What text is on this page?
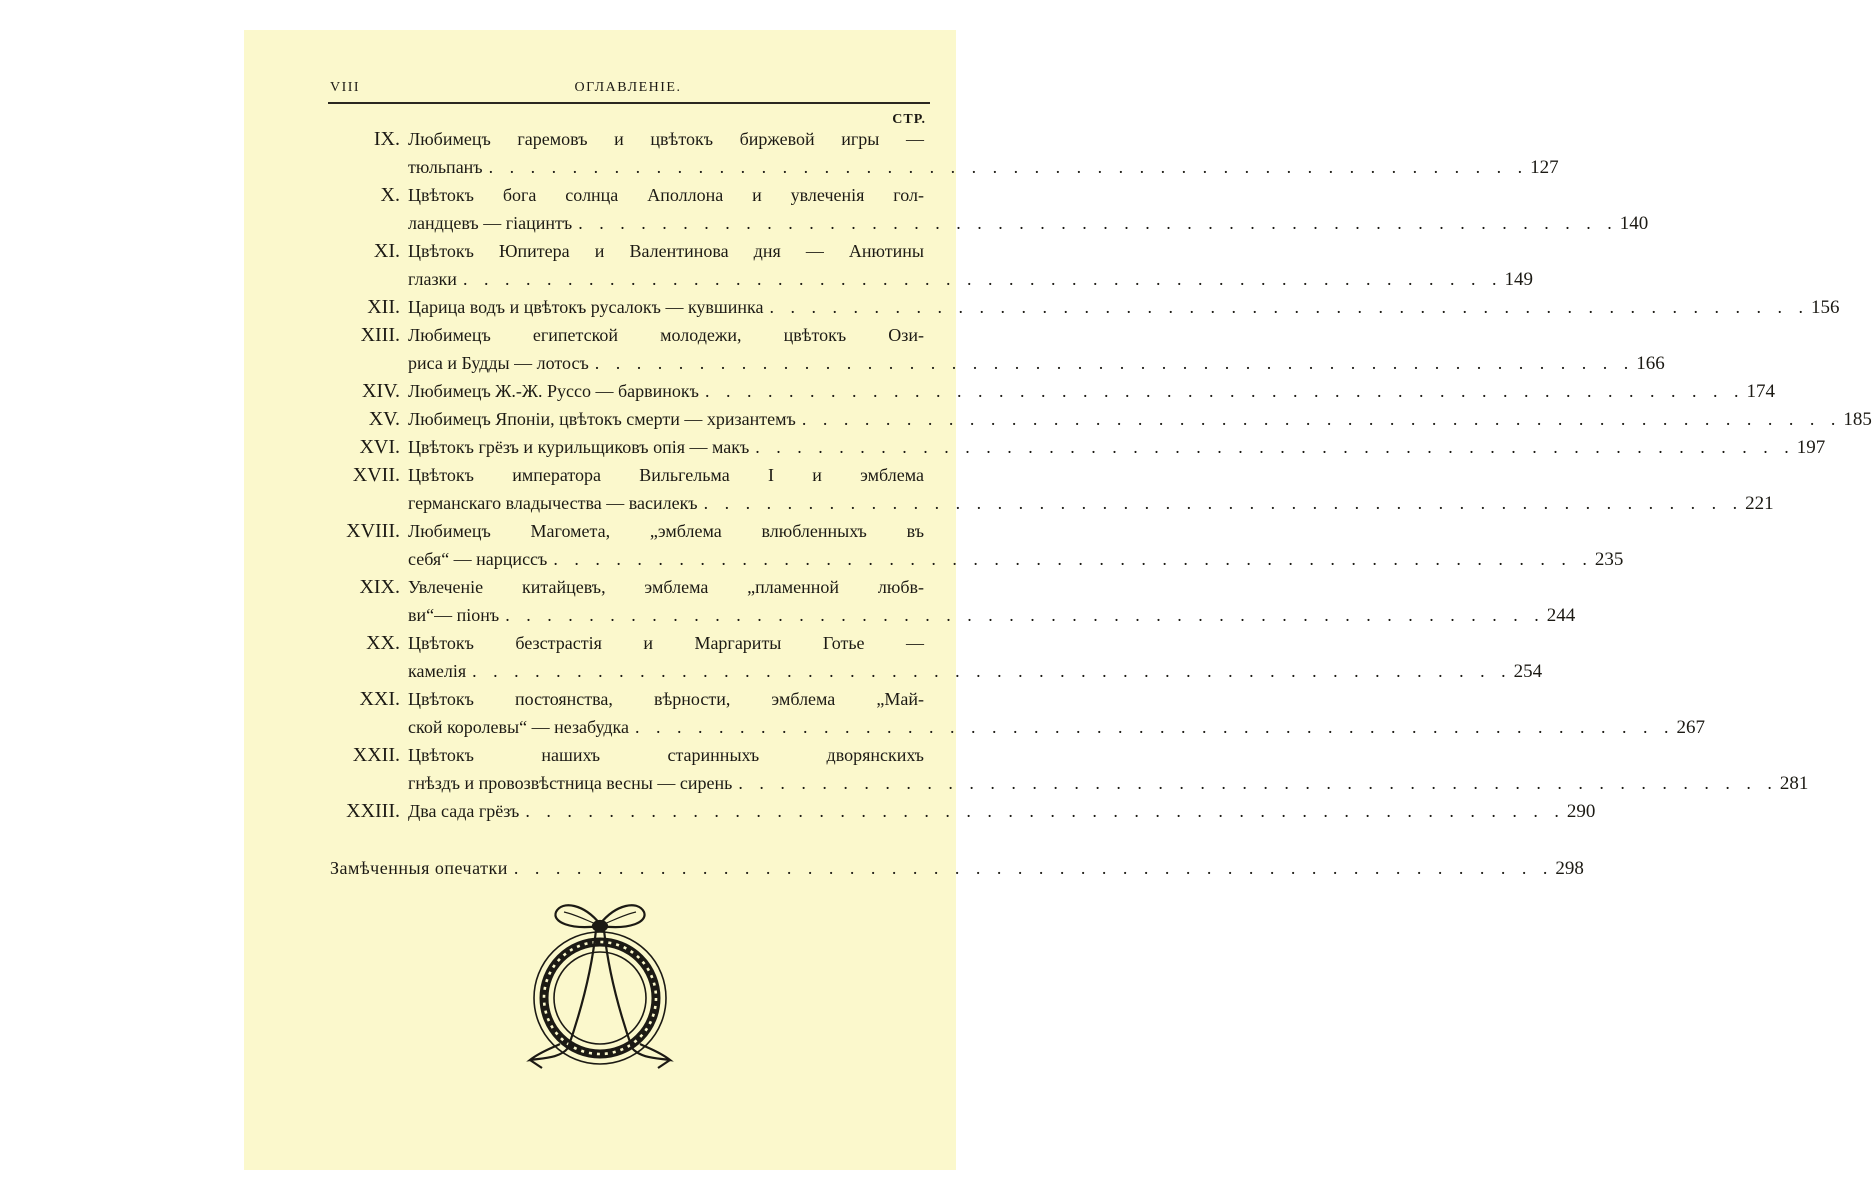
VIII	ОГЛАВЛЕНІЕ.
СТР.
IX. Любимецъ гаремовъ и цвѣтокъ биржевой игры —
тюльпанъ . . . . . . . . . . . . . . . . . . . . . . . . . . . . . . . . . . . . . . . . . . . . . . . . . . 127
X. Цвѣтокъ бога солнца Аполлона и увлеченія гол-
ландцевъ — гіацинтъ . . . . . . . . . . . . . . . . . . . . . . . . . . . . . . . . . . . . . . . . . . . . . . . . . . 140
XI. Цвѣтокъ Юпитера и Валентинова дня — Анютины
глазки . . . . . . . . . . . . . . . . . . . . . . . . . . . . . . . . . . . . . . . . . . . . . . . . . . 149
XII. Царица водъ и цвѣтокъ русалокъ — кувшинка . . . . . . . . . . . . . . . . . . . . . . . . . . . . . . . . . . . . . . . . . . . . . . . . . . 156
XIII. Любимецъ египетской молодежи, цвѣтокъ Ози-
риса и Будды — лотосъ . . . . . . . . . . . . . . . . . . . . . . . . . . . . . . . . . . . . . . . . . . . . . . . . . . 166
XIV. Любимецъ Ж.-Ж. Руссо — барвинокъ . . . . . . . . . . . . . . . . . . . . . . . . . . . . . . . . . . . . . . . . . . . . . . . . . . 174
XV. Любимецъ Японіи, цвѣтокъ смерти — хризантемъ . . . . . . . . . . . . . . . . . . . . . . . . . . . . . . . . . . . . . . . . . . . . . . . . . . 185
XVI. Цвѣтокъ грёзъ и курильщиковъ опія — макъ . . . . . . . . . . . . . . . . . . . . . . . . . . . . . . . . . . . . . . . . . . . . . . . . . . 197
XVII. Цвѣтокъ императора Вильгельма I и эмблема
германскаго владычества — василекъ . . . . . . . . . . . . . . . . . . . . . . . . . . . . . . . . . . . . . . . . . . . . . . . . . . 221
XVIII. Любимецъ Магомета, „эмблема влюбленныхъ въ
себя“ — нарциссъ . . . . . . . . . . . . . . . . . . . . . . . . . . . . . . . . . . . . . . . . . . . . . . . . . . 235
XIX. Увлеченіе китайцевъ, эмблема „пламенной любв-
ви“— піонъ . . . . . . . . . . . . . . . . . . . . . . . . . . . . . . . . . . . . . . . . . . . . . . . . . . 244
XX. Цвѣтокъ безстрастія и Маргариты Готье —
камелія . . . . . . . . . . . . . . . . . . . . . . . . . . . . . . . . . . . . . . . . . . . . . . . . . . 254
XXI. Цвѣтокъ постоянства, вѣрности, эмблема „Май-
ской королевы“ — незабудка . . . . . . . . . . . . . . . . . . . . . . . . . . . . . . . . . . . . . . . . . . . . . . . . . . 267
XXII. Цвѣтокъ нашихъ старинныхъ дворянскихъ
гнѣздъ и провозвѣстница весны — сирень . . . . . . . . . . . . . . . . . . . . . . . . . . . . . . . . . . . . . . . . . . . . . . . . . . 281
XXIII. Два сада грёзъ . . . . . . . . . . . . . . . . . . . . . . . . . . . . . . . . . . . . . . . . . . . . . . . . . . 290
Замѣченныя опечатки . . . . . . . . . . . . . . . . . . . . . . . . . . . . . . . . . . . . . . . . . . . . . . . . . . 298
